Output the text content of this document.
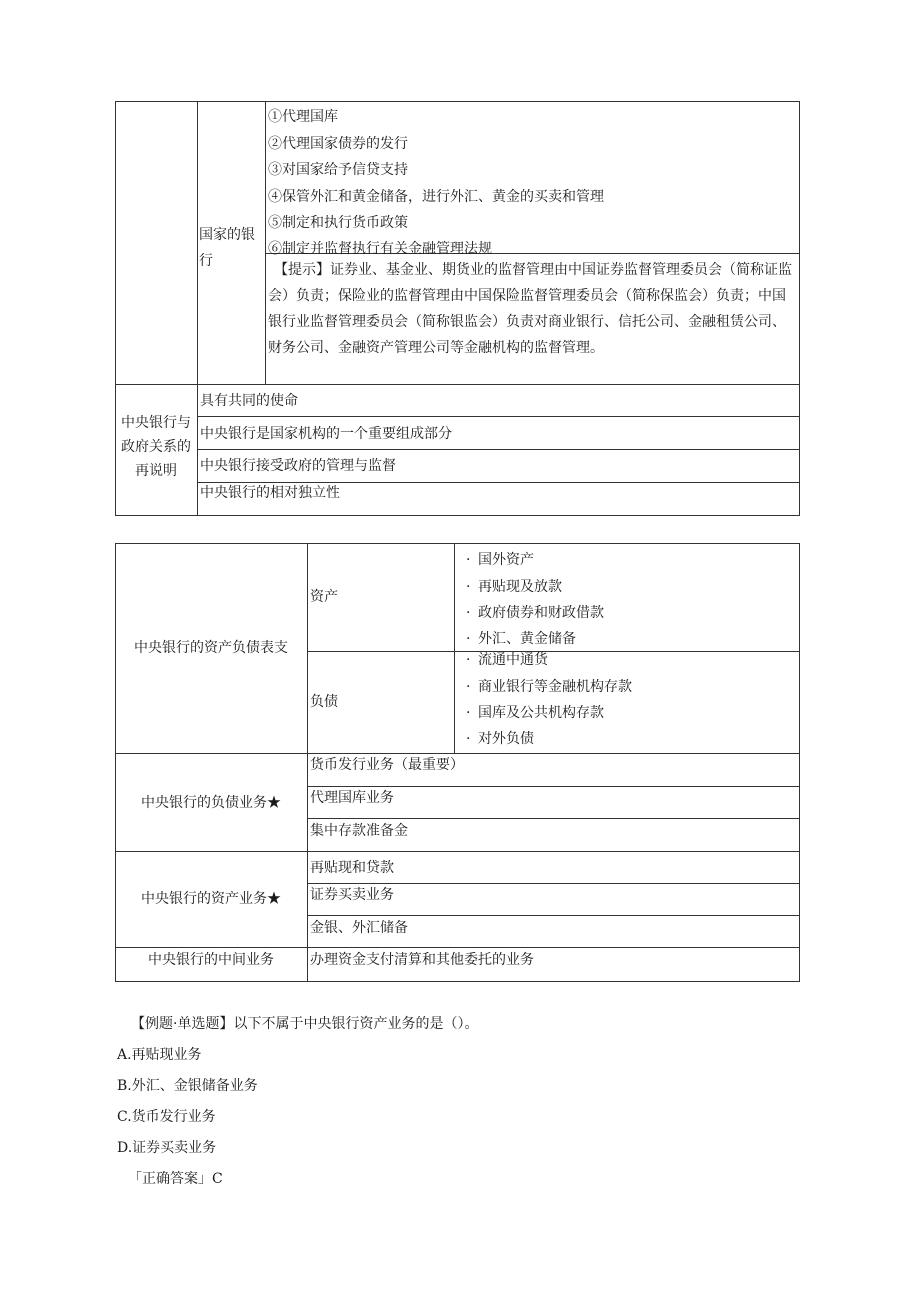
国家的银行
①代理国库
②代理国家债券的发行
③对国家给予信贷支持
④保管外汇和黄金储备，进行外汇、黄金的买卖和管理
⑤制定和执行货币政策
⑥制定并监督执行有关金融管理法规
【提示】证券业、基金业、期货业的监督管理由中国证券监督管理委员会（简称证监会）负责；保险业的监督管理由中国保险监督管理委员会（简称保监会）负责；中国银行业监督管理委员会（简称银监会）负责对商业银行、信托公司、金融租赁公司、财务公司、金融资产管理公司等金融机构的监督管理。
中央银行与政府关系的再说明
具有共同的使命
中央银行是国家机构的一个重要组成部分
中央银行接受政府的管理与监督
中央银行的相对独立性
中央银行的资产负债表支
资产
· 国外资产
· 再贴现及放款
· 政府债券和财政借款
· 外汇、黄金储备
负债
· 流通中通货
· 商业银行等金融机构存款
· 国库及公共机构存款
· 对外负债
中央银行的负债业务★
货币发行业务（最重要）
代理国库业务
集中存款准备金
中央银行的资产业务★
再贴现和贷款
证券买卖业务
金银、外汇储备
中央银行的中间业务	办理资金支付清算和其他委托的业务
【例题·单选题】以下不属于中央银行资产业务的是（）。
A.再贴现业务
B.外汇、金银储备业务
C.货币发行业务
D.证券买卖业务
「正确答案」C
